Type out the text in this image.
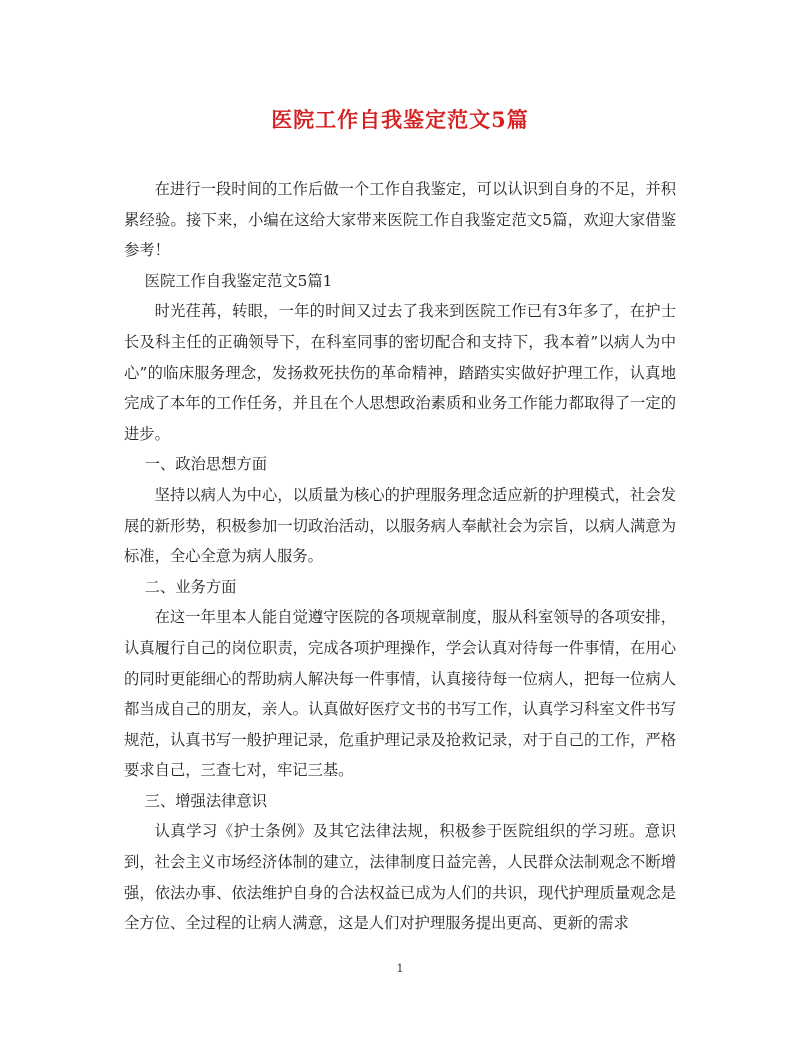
医院工作自我鉴定范文5篇

在进行一段时间的工作后做一个工作自我鉴定，可以认识到自身的不足，并积累经验。接下来，小编在这给大家带来医院工作自我鉴定范文5篇，欢迎大家借鉴参考！

医院工作自我鉴定范文5篇1

时光荏苒，转眼，一年的时间又过去了我来到医院工作已有3年多了，在护士长及科主任的正确领导下，在科室同事的密切配合和支持下，我本着”以病人为中心”的临床服务理念，发扬救死扶伤的革命精神，踏踏实实做好护理工作，认真地完成了本年的工作任务，并且在个人思想政治素质和业务工作能力都取得了一定的进步。

一、政治思想方面

坚持以病人为中心，以质量为核心的护理服务理念适应新的护理模式，社会发展的新形势，积极参加一切政治活动，以服务病人奉献社会为宗旨，以病人满意为标准，全心全意为病人服务。

二、业务方面

在这一年里本人能自觉遵守医院的各项规章制度，服从科室领导的各项安排，认真履行自己的岗位职责，完成各项护理操作，学会认真对待每一件事情，在用心的同时更能细心的帮助病人解决每一件事情，认真接待每一位病人，把每一位病人都当成自己的朋友，亲人。认真做好医疗文书的书写工作，认真学习科室文件书写规范，认真书写一般护理记录，危重护理记录及抢救记录，对于自己的工作，严格要求自己，三查七对，牢记三基。

三、增强法律意识

认真学习《护士条例》及其它法律法规，积极参于医院组织的学习班。意识到，社会主义市场经济体制的建立，法律制度日益完善，人民群众法制观念不断增强，依法办事、依法维护自身的合法权益已成为人们的共识，现代护理质量观念是全方位、全过程的让病人满意，这是人们对护理服务提出更高、更新的需求

1
